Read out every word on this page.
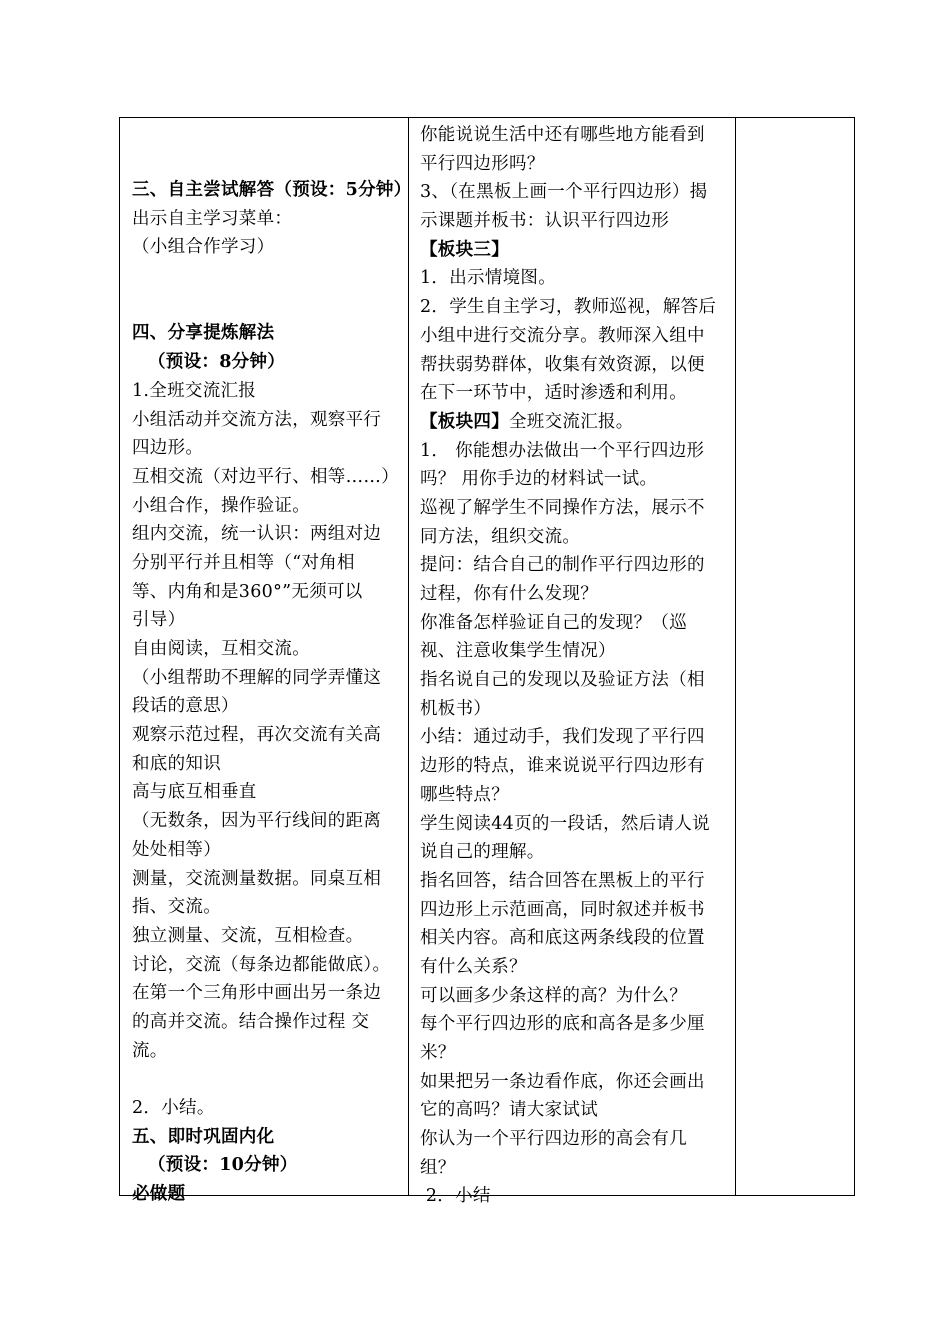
三、自主尝试解答（预设：5分钟）
出示自主学习菜单：
（小组合作学习）
四、分享提炼解法
（预设：8分钟）
1.全班交流汇报
小组活动并交流方法，观察平行
四边形。
互相交流（对边平行、相等……）
小组合作，操作验证。
组内交流，统一认识：两组对边
分别平行并且相等（“对角相
等、内角和是360°”无须可以
引导）
自由阅读，互相交流。
（小组帮助不理解的同学弄懂这
段话的意思）
观察示范过程，再次交流有关高
和底的知识
高与底互相垂直
（无数条，因为平行线间的距离
处处相等）
测量，交流测量数据。同桌互相
指、交流。
独立测量、交流，互相检查。
讨论，交流（每条边都能做底）。
在第一个三角形中画出另一条边
的高并交流。结合操作过程 交
流。
2．小结。
五、即时巩固内化
（预设：10分钟）
必做题
你能说说生活中还有哪些地方能看到
平行四边形吗？
3、（在黑板上画一个平行四边形）揭
示课题并板书：认识平行四边形
【板块三】
1．出示情境图。
2．学生自主学习，教师巡视，解答后
小组中进行交流分享。教师深入组中
帮扶弱势群体，收集有效资源，以便
在下一环节中，适时渗透和利用。
【板块四】全班交流汇报。
1． 你能想办法做出一个平行四边形
吗？ 用你手边的材料试一试。
巡视了解学生不同操作方法，展示不
同方法，组织交流。
提问：结合自己的制作平行四边形的
过程，你有什么发现？
你准备怎样验证自己的发现？（巡
视、注意收集学生情况）
指名说自己的发现以及验证方法（相
机板书）
小结：通过动手，我们发现了平行四
边形的特点，谁来说说平行四边形有
哪些特点？
学生阅读44页的一段话，然后请人说
说自己的理解。
指名回答，结合回答在黑板上的平行
四边形上示范画高，同时叙述并板书
相关内容。高和底这两条线段的位置
有什么关系？
可以画多少条这样的高？为什么？
每个平行四边形的底和高各是多少厘
米？
如果把另一条边看作底，你还会画出
它的高吗？请大家试试
你认为一个平行四边形的高会有几
组？
2．小结
